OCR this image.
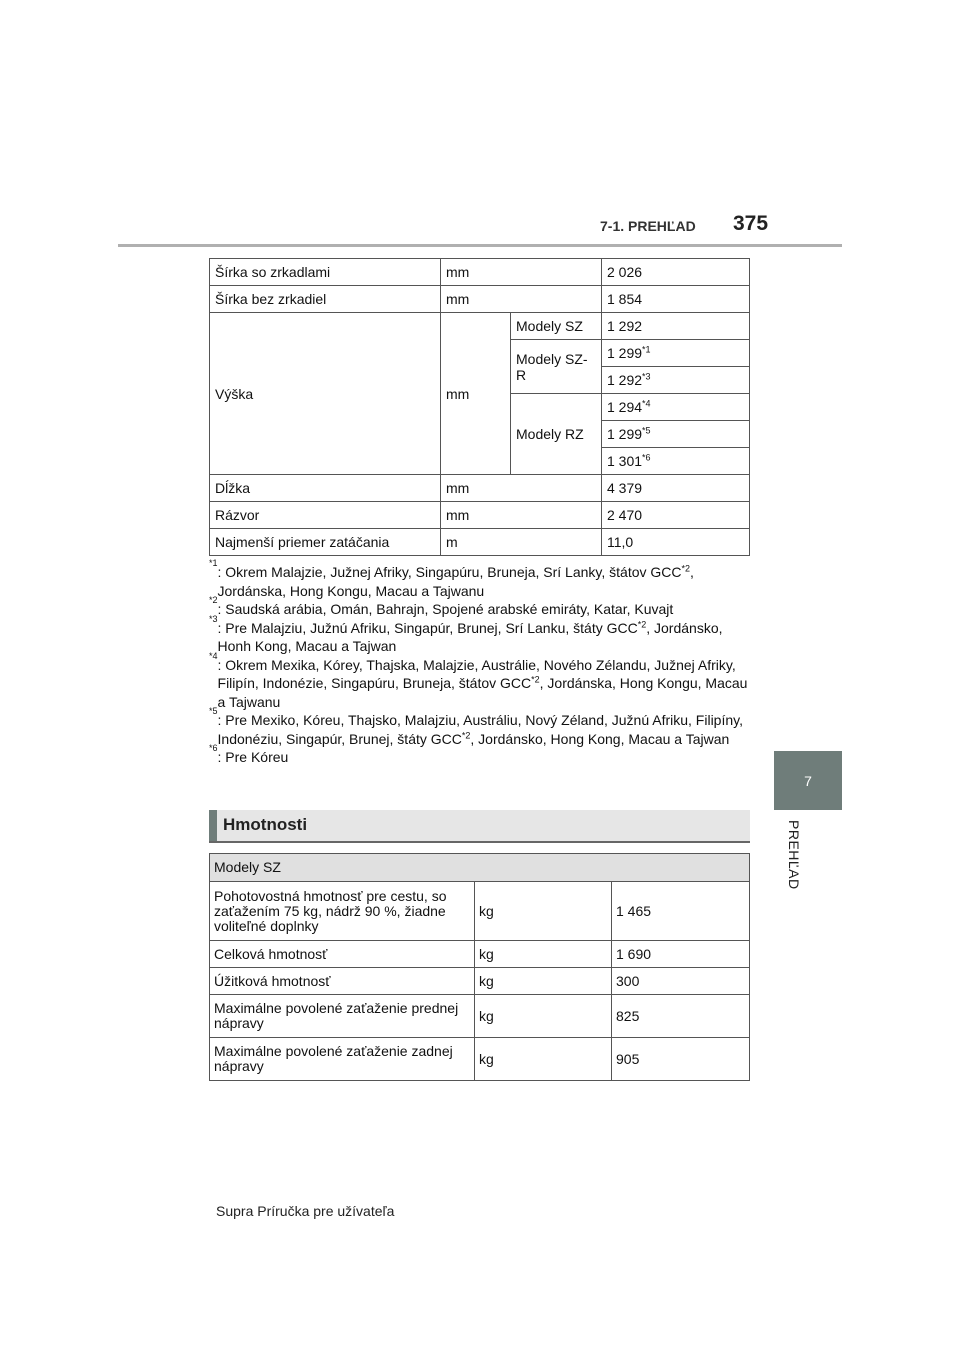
7-1. PREHĽAD 375
7
PREHĽAD
Šírka so zrkadlami	mm		2 026
Šírka bez zrkadiel	mm		1 854
Výška	mm	Modely SZ	1 292
		Modely SZ-R	1 299$^{*1}$
			1 292$^{*3}$
		Modely RZ	1 294$^{*4}$
			1 299$^{*5}$
			1 301$^{*6}$
Dĺžka	mm		4 379
Rázvor	mm		2 470
Najmenší priemer zatáčania	m		11,0
*1
: Okrem Malajzie, Južnej Afriky, Singapúru, Bruneja, Srí Lanky, štátov GCC$^{*2}$, Jordánska, Hong Kongu, Macau a Tajwanu
*2
: Saudská arábia, Omán, Bahrajn, Spojené arabské emiráty, Katar, Kuvajt
*3
: Pre Malajziu, Južnú Afriku, Singapúr, Brunej, Srí Lanku, štáty GCC$^{*2}$, Jordánsko, Honh Kong, Macau a Tajwan
*4
: Okrem Mexika, Kórey, Thajska, Malajzie, Austrálie, Nového Zélandu, Južnej Afriky, Filipín, Indonézie, Singapúru, Bruneja, štátov GCC$^{*2}$, Jordánska, Hong Kongu, Macau a Tajwanu
*5
: Pre Mexiko, Kóreu, Thajsko, Malajziu, Austráliu, Nový Zéland, Južnú Afriku, Filipíny, Indonéziu, Singapúr, Brunej, štáty GCC$^{*2}$, Jordánsko, Hong Kong, Macau a Tajwan
*6
: Pre Kóreu
Hmotnosti
Modely SZ		
Pohotovostná hmotnosť pre cestu, so zaťažením 75 kg, nádrž 90 %, žiadne voliteľné doplnky	kg	1 465
Celková hmotnosť	kg	1 690
Úžitková hmotnosť	kg	300
Maximálne povolené zaťaženie prednej nápravy	kg	825
Maximálne povolené zaťaženie zadnej nápravy	kg	905
Supra Príručka pre užívateľa
